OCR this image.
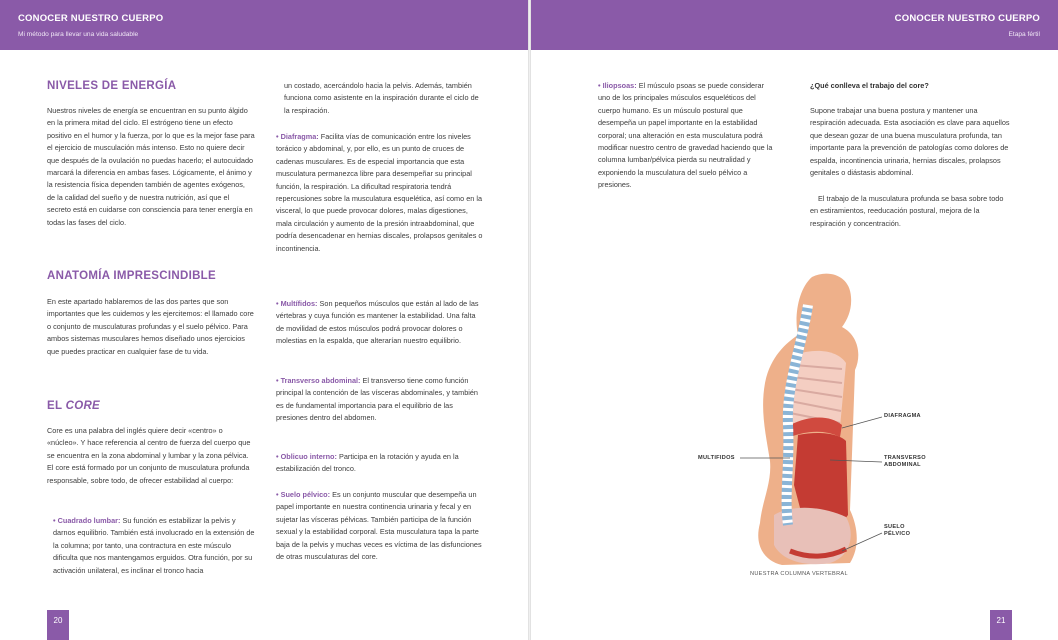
CONOCER NUESTRO CUERPO
Mi método para llevar una vida saludable
CONOCER NUESTRO CUERPO
Etapa fértil
NIVELES DE ENERGÍA
Nuestros niveles de energía se encuentran en su punto álgido en la primera mitad del ciclo. El estrógeno tiene un efecto positivo en el humor y la fuerza, por lo que es la mejor fase para el ejercicio de musculación más intenso. Esto no quiere decir que después de la ovulación no puedas hacerlo; el autocuidado marcará la diferencia en ambas fases. Lógicamente, el ánimo y la resistencia física dependen también de agentes exógenos, de la calidad del sueño y de nuestra nutrición, así que el secreto está en cuidarse con consciencia para tener energía en todas las fases del ciclo.
ANATOMÍA IMPRESCINDIBLE
En este apartado hablaremos de las dos partes que son importantes que les cuidemos y les ejercitemos: el llamado core o conjunto de musculaturas profundas y el suelo pélvico. Para ambos sistemas musculares hemos diseñado unos ejercicios que puedes practicar en cualquier fase de tu vida.
EL CORE
Core es una palabra del inglés quiere decir «centro» o «núcleo». Y hace referencia al centro de fuerza del cuerpo que se encuentra en la zona abdominal y lumbar y la zona pélvica. El core está formado por un conjunto de musculatura profunda responsable, sobre todo, de ofrecer estabilidad al cuerpo:
• Cuadrado lumbar: Su función es estabilizar la pelvis y darnos equilibrio. También está involucrado en la extensión de la columna; por tanto, una contractura en este músculo dificulta que nos mantengamos erguidos. Otra función, por su activación unilateral, es inclinar el tronco hacia
un costado, acercándolo hacia la pelvis. Además, también funciona como asistente en la inspiración durante el ciclo de la respiración.
• Diafragma: Facilita vías de comunicación entre los niveles torácico y abdominal, y, por ello, es un punto de cruces de cadenas musculares. Es de especial importancia que esta musculatura permanezca libre para desempeñar su principal función, la respiración. La dificultad respiratoria tendrá repercusiones sobre la musculatura esquelética, así como en la visceral, lo que puede provocar dolores, malas digestiones, mala circulación y aumento de la presión intraabdominal, que podría desencadenar en hernias discales, prolapsos genitales o incontinencia.
• Multífidos: Son pequeños músculos que están al lado de las vértebras y cuya función es mantener la estabilidad. Una falta de movilidad de estos músculos podrá provocar dolores o molestias en la espalda, que alterarían nuestro equilibrio.
• Transverso abdominal: El transverso tiene como función principal la contención de las vísceras abdominales, y también es de fundamental importancia para el equilibrio de las presiones dentro del abdomen.
• Oblicuo interno: Participa en la rotación y ayuda en la estabilización del tronco.
• Suelo pélvico: Es un conjunto muscular que desempeña un papel importante en nuestra continencia urinaria y fecal y en sujetar las vísceras pélvicas. También participa de la función sexual y la estabilidad corporal. Esta musculatura tapa la parte baja de la pelvis y muchas veces es víctima de las disfunciones de otras musculaturas del core.
• Iliopsoas: El músculo psoas se puede considerar uno de los principales músculos esqueléticos del cuerpo humano. Es un músculo postural que desempeña un papel importante en la estabilidad corporal; una alteración en esta musculatura podrá modificar nuestro centro de gravedad haciendo que la columna lumbar/pélvica pierda su neutralidad y exponiendo la musculatura del suelo pélvico a presiones.
¿Qué conlleva el trabajo del core?
Supone trabajar una buena postura y mantener una respiración adecuada. Esta asociación es clave para aquellos que desean gozar de una buena musculatura profunda, tan importante para la prevención de patologías como dolores de espalda, incontinencia urinaria, hernias discales, prolapsos genitales o diástasis abdominal.
El trabajo de la musculatura profunda se basa sobre todo en estiramientos, reeducación postural, mejora de la respiración y concentración.
DIAFRAGMA
TRANSVERSO ABDOMINAL
MULTIFIDOS
SUELO PÉLVICO
NUESTRA COLUMNA VERTEBRAL
20	21
